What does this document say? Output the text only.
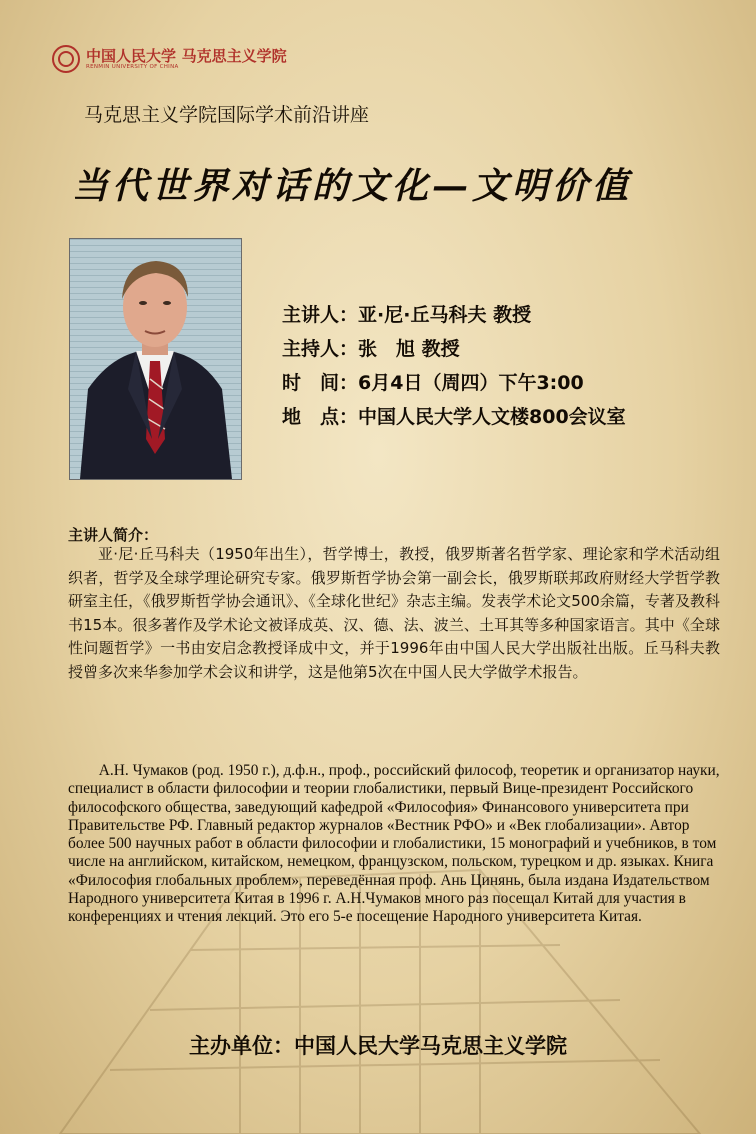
中国人民大学
RENMIN UNIVERSITY OF CHINA
马克思主义学院
马克思主义学院国际学术前沿讲座
当代世界对话的文化—文明价值
主讲人：亚·尼·丘马科夫 教授
主持人：张　旭 教授
时　间：6月4日（周四）下午3:00
地　点：中国人民大学人文楼800会议室
主讲人简介：

亚·尼·丘马科夫（1950年出生），哲学博士，教授，俄罗斯著名哲学家、理论家和学术活动组织者，哲学及全球学理论研究专家。俄罗斯哲学协会第一副会长，俄罗斯联邦政府财经大学哲学教研室主任，《俄罗斯哲学协会通讯》、《全球化世纪》杂志主编。发表学术论文500余篇，专著及教科书15本。很多著作及学术论文被译成英、汉、德、法、波兰、土耳其等多种国家语言。其中《全球性问题哲学》一书由安启念教授译成中文，并于1996年由中国人民大学出版社出版。丘马科夫教授曾多次来华参加学术会议和讲学，这是他第5次在中国人民大学做学术报告。

А.Н. Чумаков (род. 1950 г.), д.ф.н., проф., российский философ, теоретик и организатор науки, специалист в области философии и теории глобалистики, первый Вице-президент Российского философского общества, заведующий кафедрой «Философия» Финансового университета при Правительстве РФ. Главный редактор журналов «Вестник РФО» и «Век глобализации». Автор более 500 научных работ в области философии и глобалистики, 15 монографий и учебников, в том числе на английском, китайском, немецком, французском, польском, турецком и др. языках. Книга «Философия глобальных проблем», переведённая проф. Ань Цинянь, была издана Издательством Народного университета Китая в 1996 г. А.Н.Чумаков много раз посещал Китай для участия в конференциях и чтения лекций. Это его 5-е посещение Народного университета Китая.

主办单位：中国人民大学马克思主义学院
